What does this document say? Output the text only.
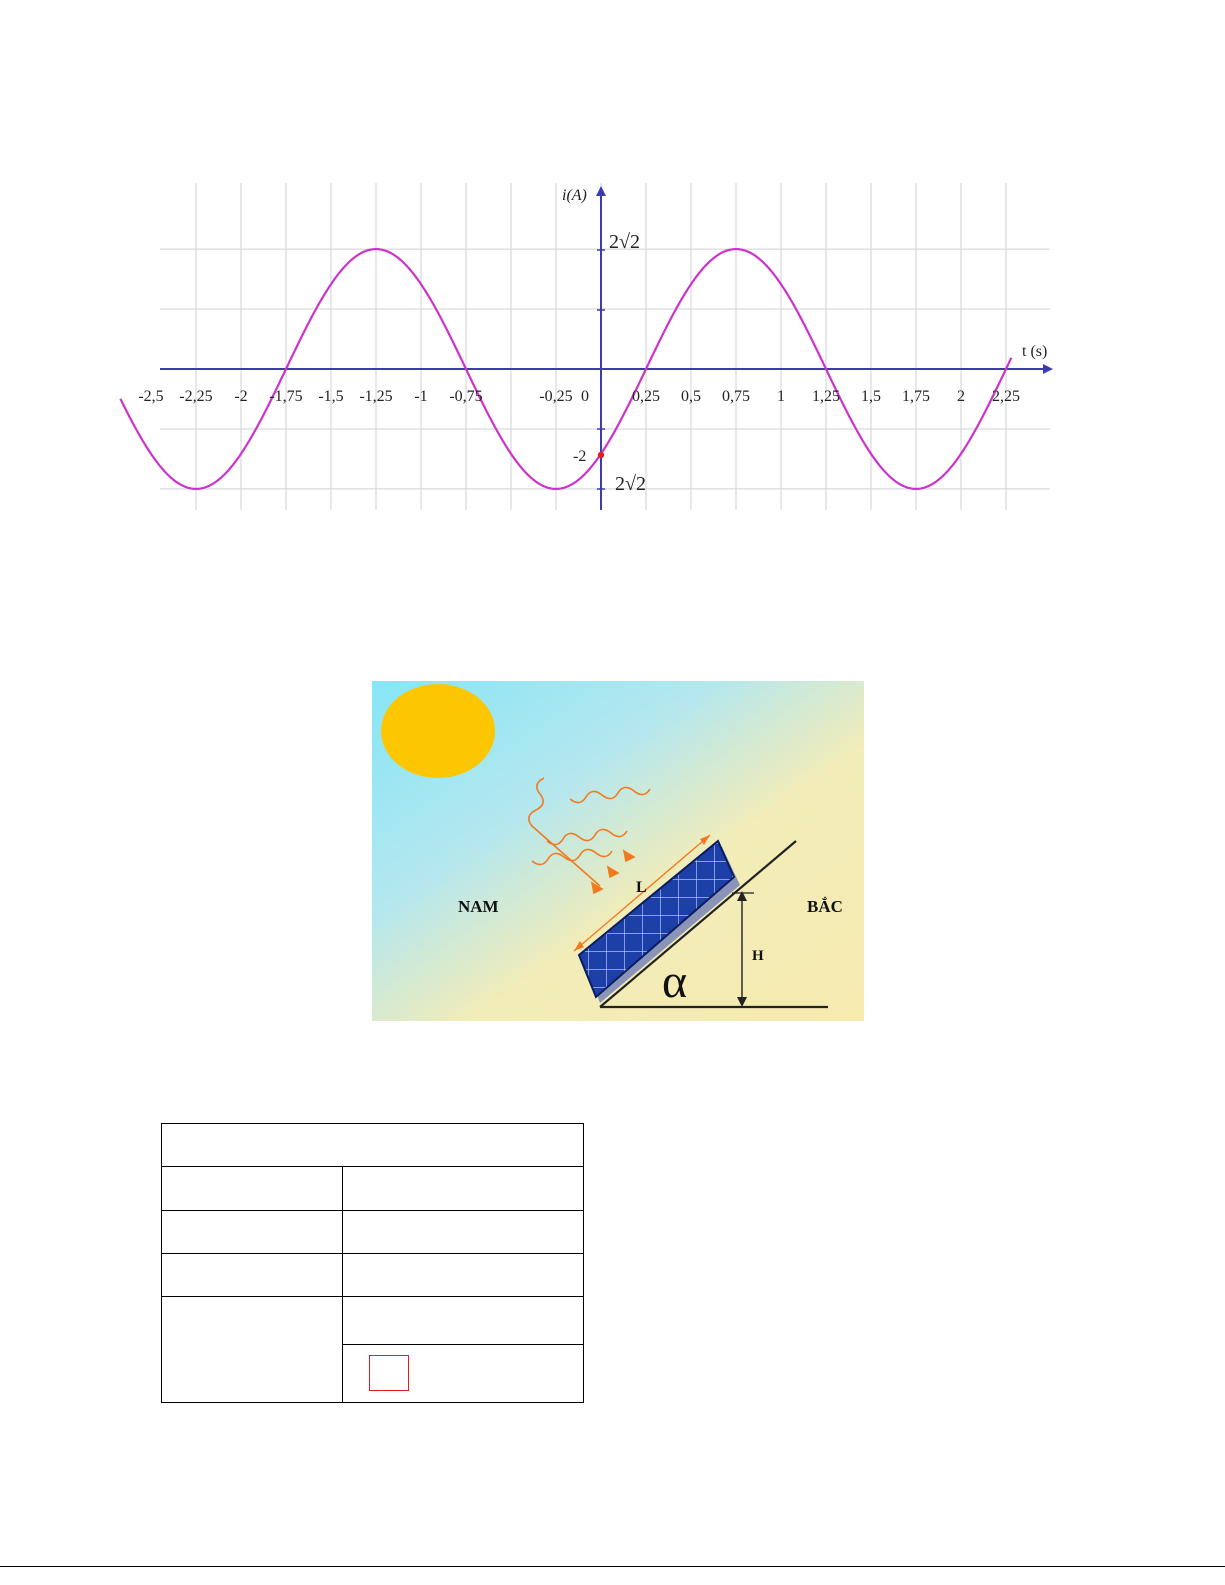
-2,5 -2,25 -2 -1,75 -1,5 -1,25 -1 -0,75	-0,25	0,25 0,5 0,75 1 1,25 1,5 1,75 2 2,25
0
i(A)
t (s)
2√2
2√2
-2
NAM	BẮC
L
H
α
